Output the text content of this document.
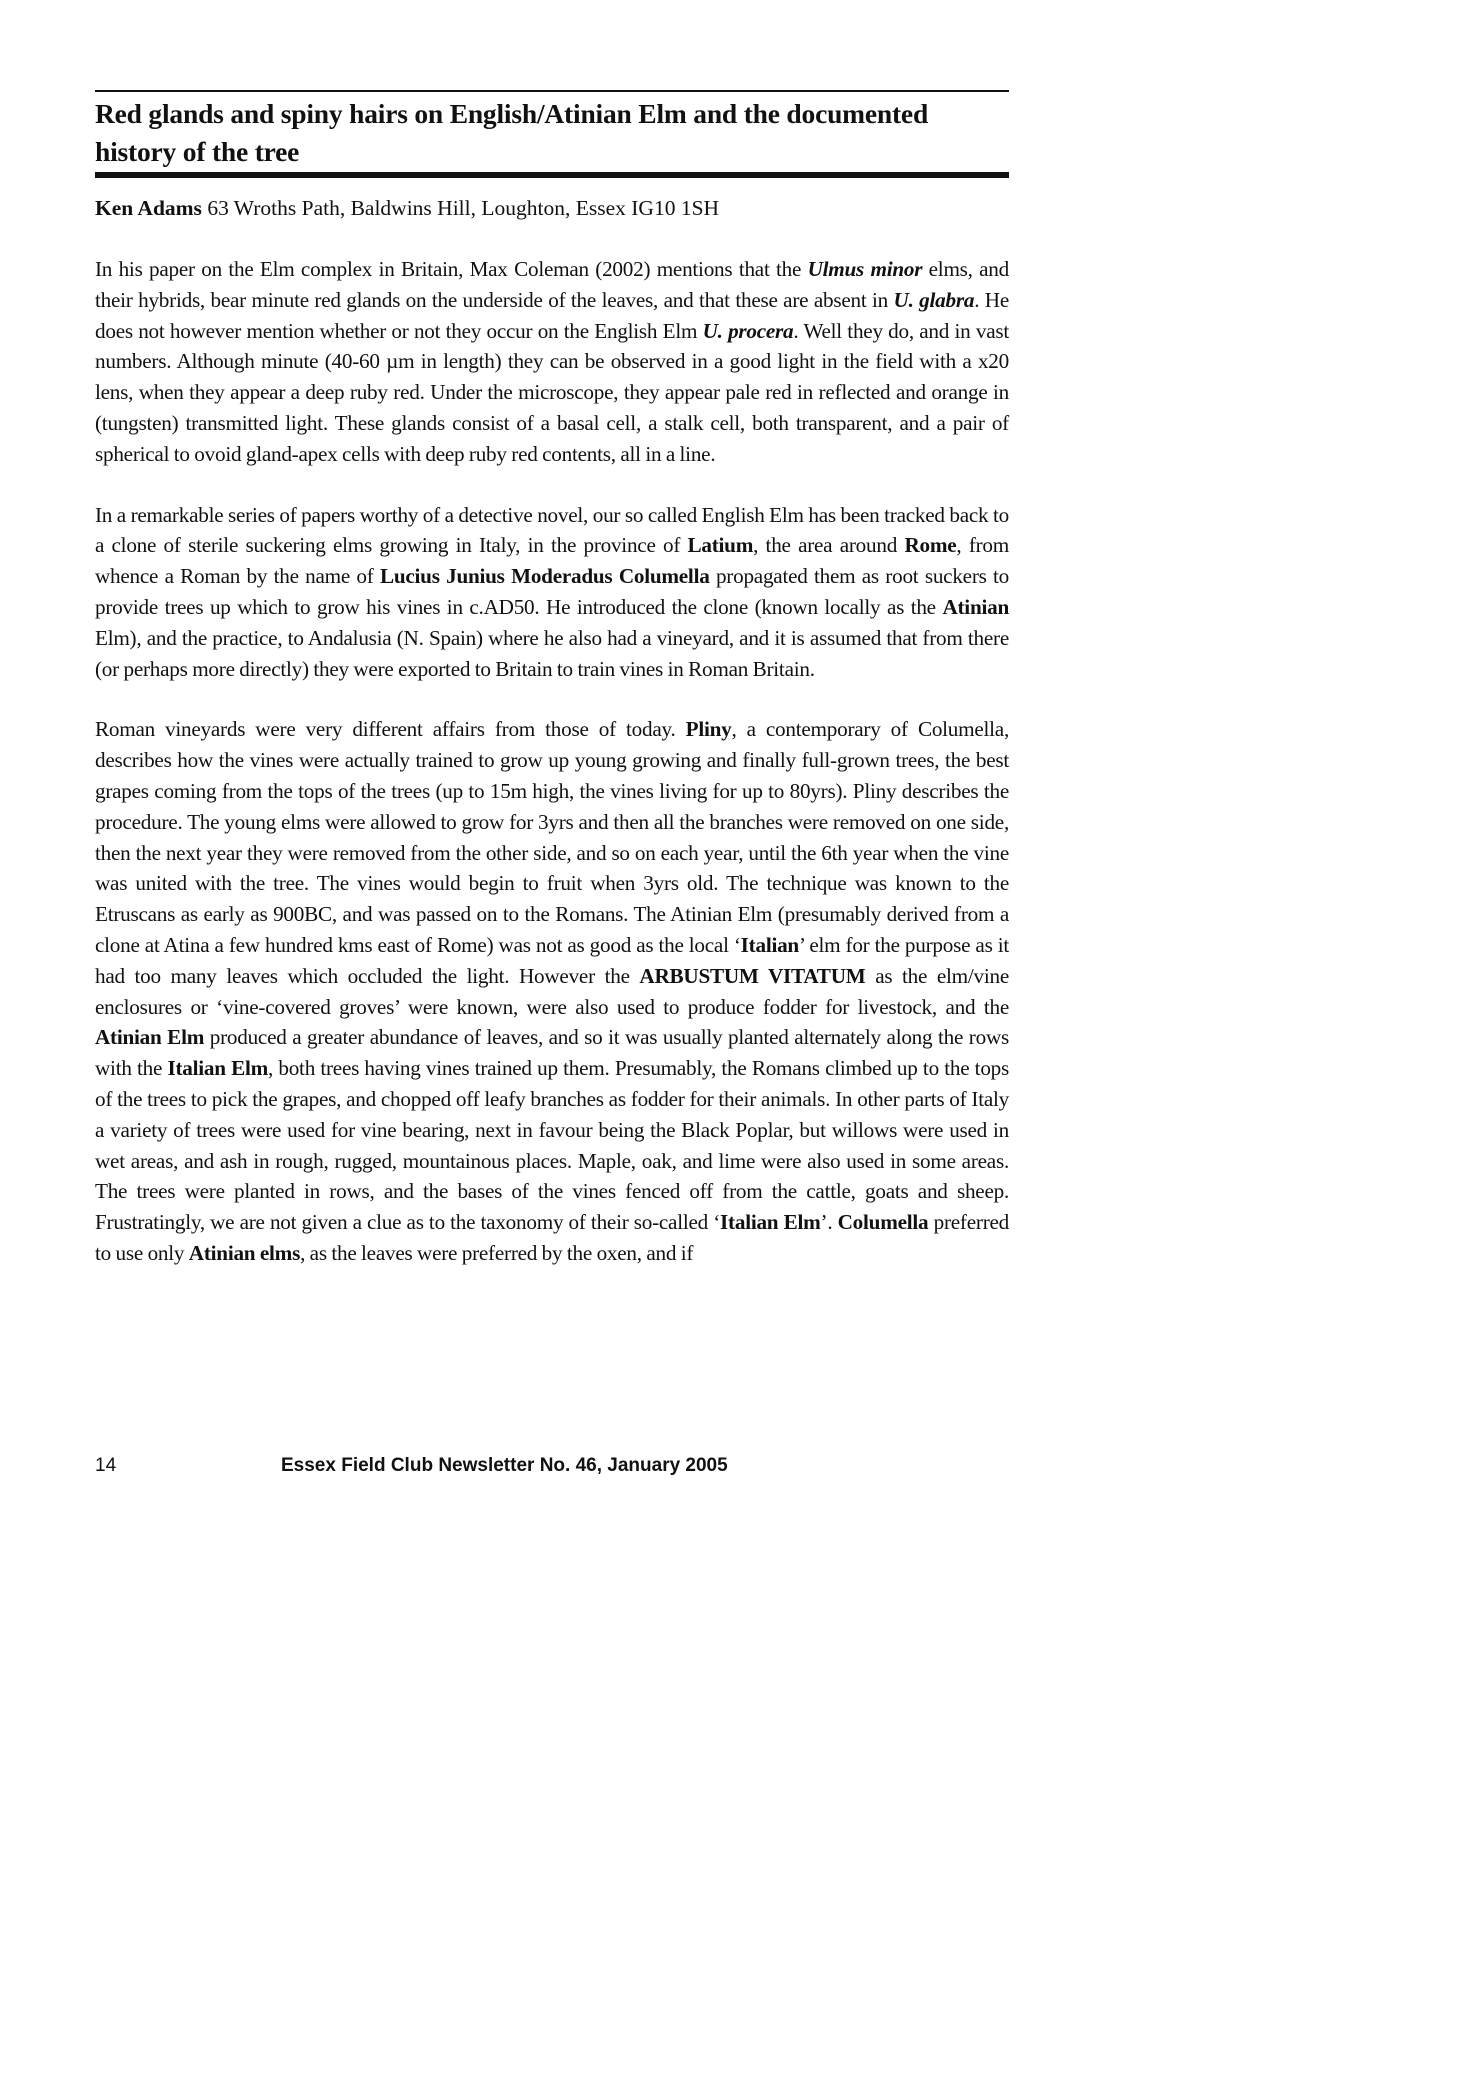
Red glands and spiny hairs on English/Atinian Elm and the documented history of the tree

Ken Adams 63 Wroths Path, Baldwins Hill, Loughton, Essex IG10 1SH

In his paper on the Elm complex in Britain, Max Coleman (2002) mentions that the Ulmus minor elms, and their hybrids, bear minute red glands on the underside of the leaves, and that these are absent in U. glabra. He does not however mention whether or not they occur on the English Elm U. procera. Well they do, and in vast numbers. Although minute (40-60 µm in length) they can be observed in a good light in the field with a x20 lens, when they appear a deep ruby red. Under the microscope, they appear pale red in reflected and orange in (tungsten) transmitted light. These glands consist of a basal cell, a stalk cell, both transparent, and a pair of spherical to ovoid gland-apex cells with deep ruby red contents, all in a line.

In a remarkable series of papers worthy of a detective novel, our so called English Elm has been tracked back to a clone of sterile suckering elms growing in Italy, in the province of Latium, the area around Rome, from whence a Roman by the name of Lucius Junius Moderadus Columella propagated them as root suckers to provide trees up which to grow his vines in c.AD50. He introduced the clone (known locally as the Atinian Elm), and the practice, to Andalusia (N. Spain) where he also had a vineyard, and it is assumed that from there (or perhaps more directly) they were exported to Britain to train vines in Roman Britain.

Roman vineyards were very different affairs from those of today. Pliny, a contemporary of Columella, describes how the vines were actually trained to grow up young growing and finally full-grown trees, the best grapes coming from the tops of the trees (up to 15m high, the vines living for up to 80yrs). Pliny describes the procedure. The young elms were allowed to grow for 3yrs and then all the branches were removed on one side, then the next year they were removed from the other side, and so on each year, until the 6th year when the vine was united with the tree. The vines would begin to fruit when 3yrs old. The technique was known to the Etruscans as early as 900BC, and was passed on to the Romans. The Atinian Elm (presumably derived from a clone at Atina a few hundred kms east of Rome) was not as good as the local ‘Italian’ elm for the purpose as it had too many leaves which occluded the light. However the ARBUSTUM VITATUM as the elm/vine enclosures or ‘vine-covered groves’ were known, were also used to produce fodder for livestock, and the Atinian Elm produced a greater abundance of leaves, and so it was usually planted alternately along the rows with the Italian Elm, both trees having vines trained up them. Presumably, the Romans climbed up to the tops of the trees to pick the grapes, and chopped off leafy branches as fodder for their animals. In other parts of Italy a variety of trees were used for vine bearing, next in favour being the Black Poplar, but willows were used in wet areas, and ash in rough, rugged, mountainous places. Maple, oak, and lime were also used in some areas. The trees were planted in rows, and the bases of the vines fenced off from the cattle, goats and sheep. Frustratingly, we are not given a clue as to the taxonomy of their so-called ‘Italian Elm’. Columella preferred to use only Atinian elms, as the leaves were preferred by the oxen, and if

14	Essex Field Club Newsletter No. 46, January 2005
